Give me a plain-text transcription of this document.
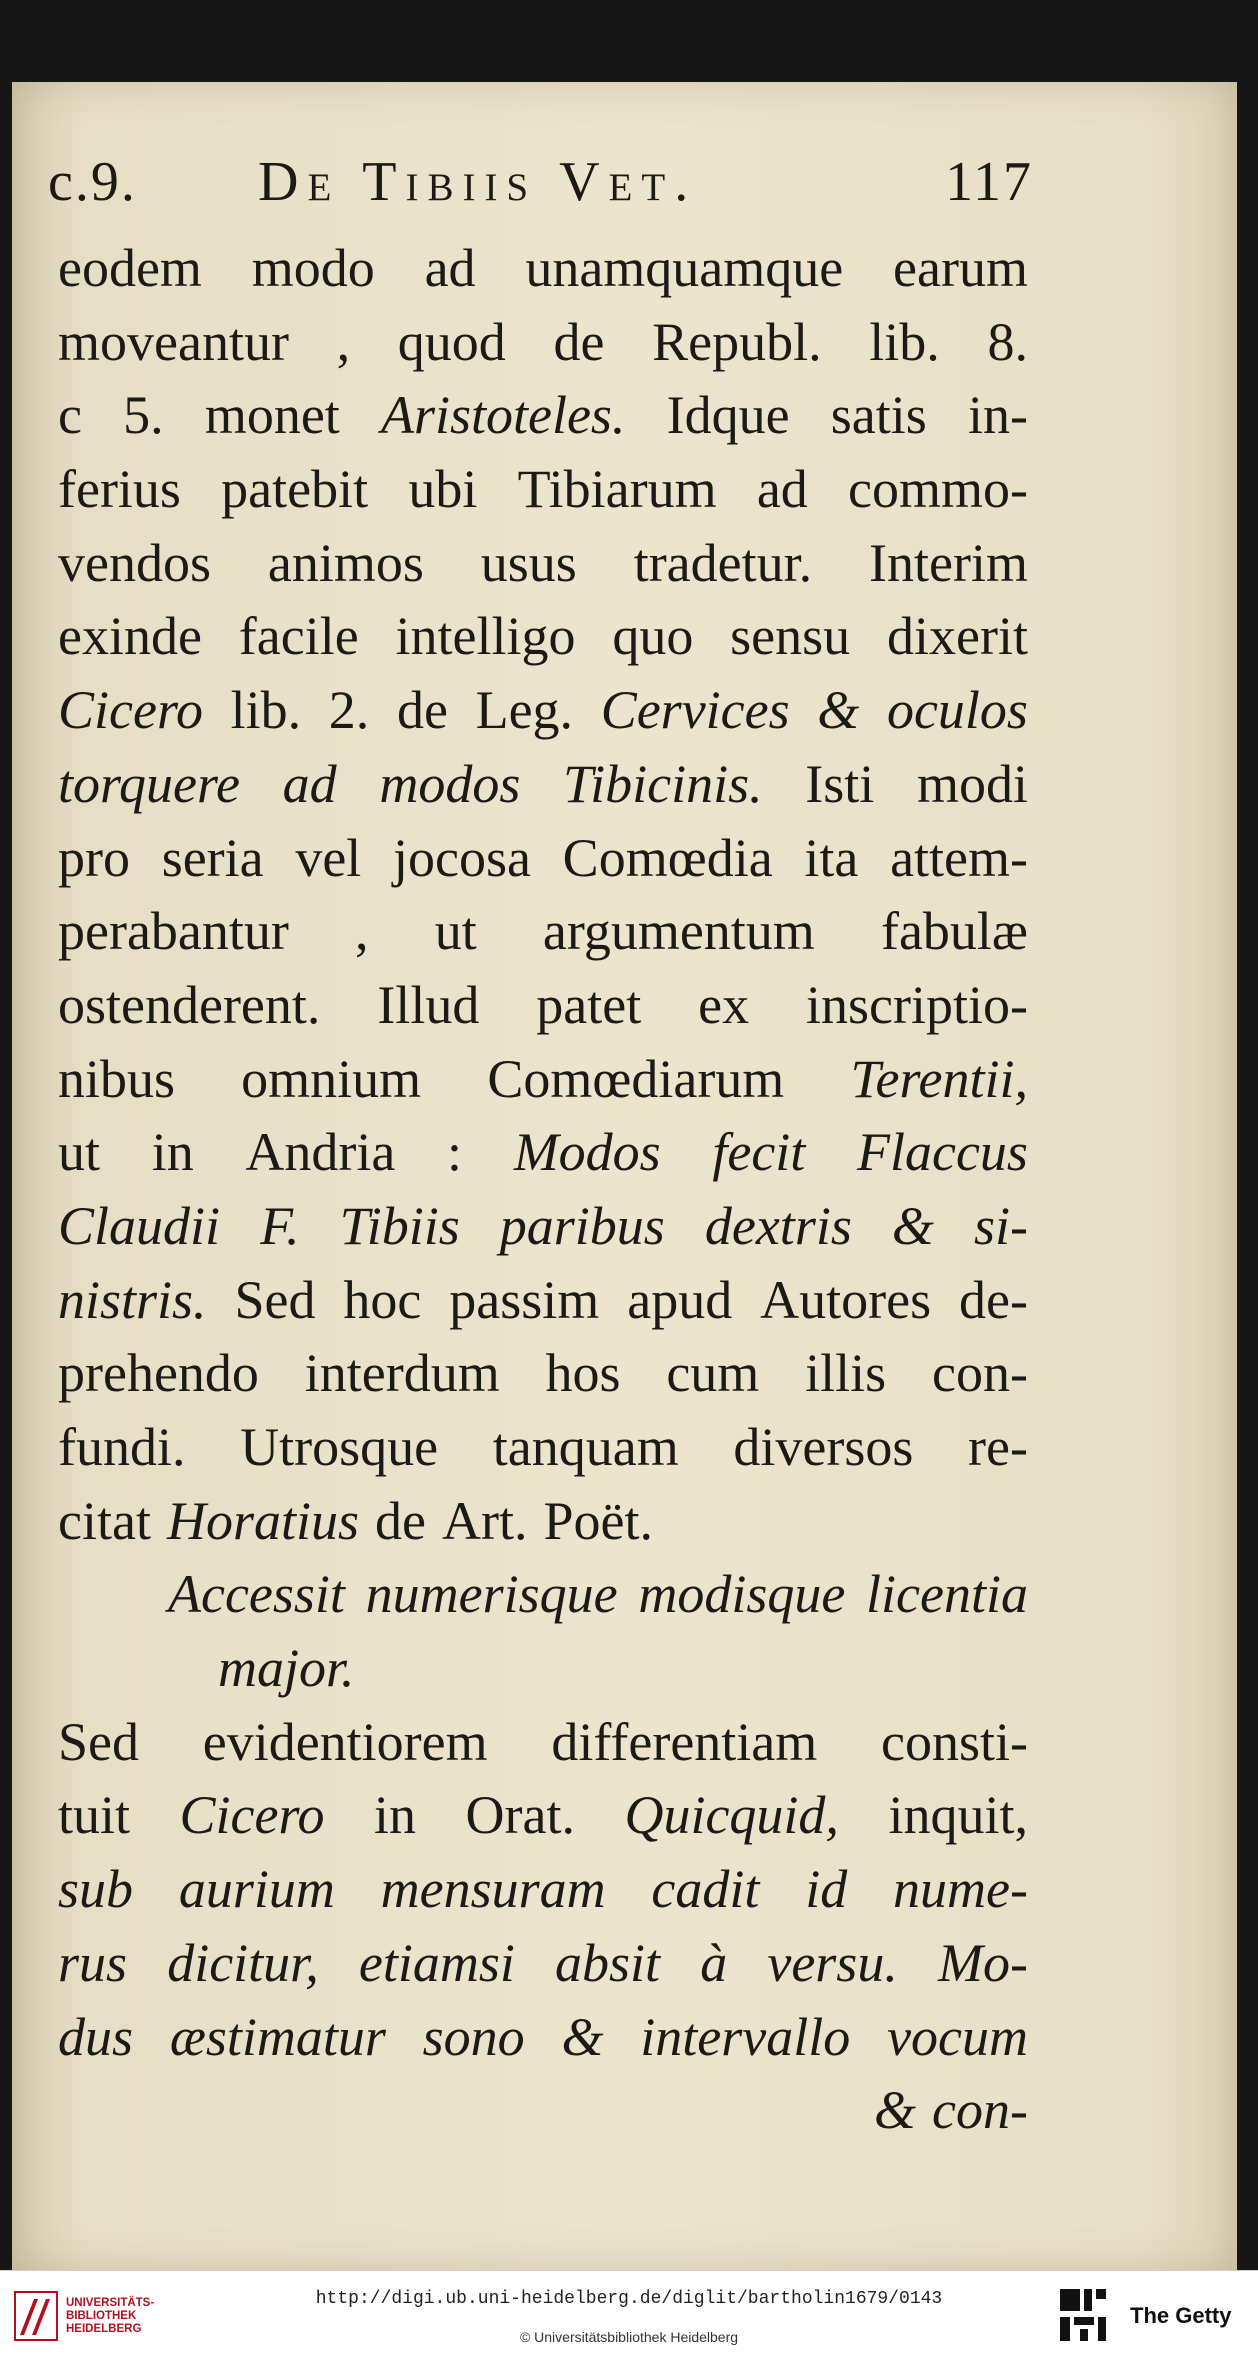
c.9. De Tibiis Vet.	117
eodem modo ad unamquamque earum
moveantur , quod de Republ. lib. 8.
c 5. monet Aristoteles. Idque satis in-
ferius patebit ubi Tibiarum ad commo-
vendos animos usus tradetur. Interim
exinde facile intelligo quo sensu dixerit
Cicero lib. 2. de Leg. Cervices & oculos
torquere ad modos Tibicinis. Isti modi
pro seria vel jocosa Comœdia ita attem-
perabantur , ut argumentum fabulæ
ostenderent. Illud patet ex inscriptio-
nibus omnium Comœdiarum Terentii,
ut in Andria : Modos fecit Flaccus
Claudii F. Tibiis paribus dextris & si-
nistris. Sed hoc passim apud Autores de-
prehendo interdum hos cum illis con-
fundi. Utrosque tanquam diversos re-
citat Horatius de Art. Poët.
Accessit numerisque modisque licentia
major.
Sed evidentiorem differentiam consti-
tuit Cicero in Orat. Quicquid, inquit,
sub aurium mensuram cadit id nume-
rus dicitur, etiamsi absit à versu. Mo-
dus æstimatur sono & intervallo vocum
& con-
UNIVERSITÄTS-
BIBLIOTHEK
HEIDELBERG
http://digi.ub.uni-heidelberg.de/diglit/bartholin1679/0143
© Universitätsbibliothek Heidelberg
The Getty
